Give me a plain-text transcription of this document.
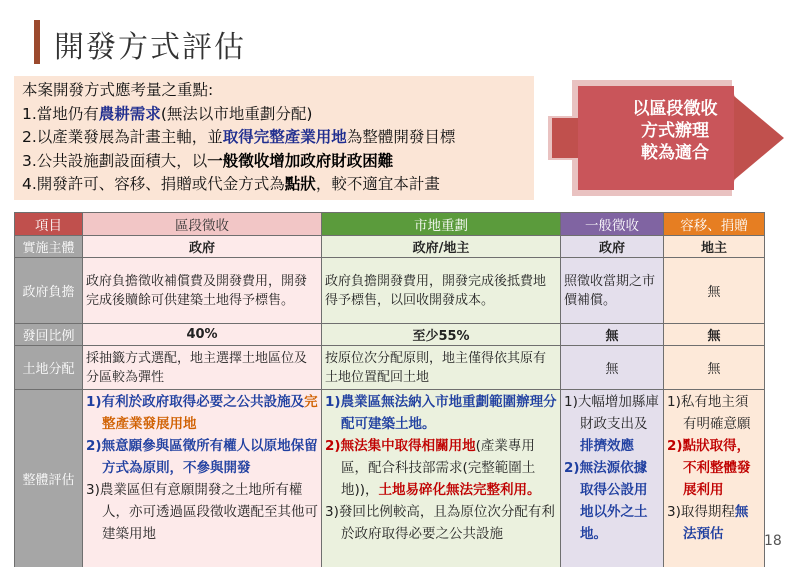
開發方式評估
本案開發方式應考量之重點:
1.當地仍有農耕需求(無法以市地重劃分配)
2.以產業發展為計畫主軸，並取得完整產業用地為整體開發目標
3.公共設施劃設面積大，以一般徵收增加政府財政困難
4.開發許可、容移、捐贈或代金方式為點狀，較不適宜本計畫
以區段徵收
方式辦理
較為適合
項目	區段徵收	市地重劃	一般徵收	容移、捐贈
實施主體	政府	政府/地主	政府	地主
政府負擔	政府負擔徵收補償費及開發費用，開發完成後贖餘可供建築土地得予標售。	政府負擔開發費用，開發完成後抵費地得予標售，以回收開發成本。	照徵收當期之市價補償。	無
發回比例	40%	至少55%	無	無
土地分配	採抽籤方式選配，地主選擇土地區位及分區較為彈性	按原位次分配原則，地主僅得依其原有土地位置配回土地	無	無
整體評估	1)有利於政府取得必要之公共設施及完整產業發展用地
2)無意願參與區徵所有權人以原地保留方式為原則，不參與開發
3)農業區但有意願開發之土地所有權人，亦可透過區段徵收選配至其他可建築用地	1)農業區無法納入市地重劃範圍辦理分配可建築土地。
2)無法集中取得相關用地(產業專用區，配合科技部需求(完整範圍土地))，土地易碎化無法完整利用。
3)發回比例較高，且為原位次分配有利於政府取得必要之公共設施	1)大幅增加縣庫財政支出及排擠效應
2)無法源依據取得公設用地以外之土地。	1)私有地主須有明確意願
2)點狀取得，不利整體發展利用
3)取得期程無法預估	18
